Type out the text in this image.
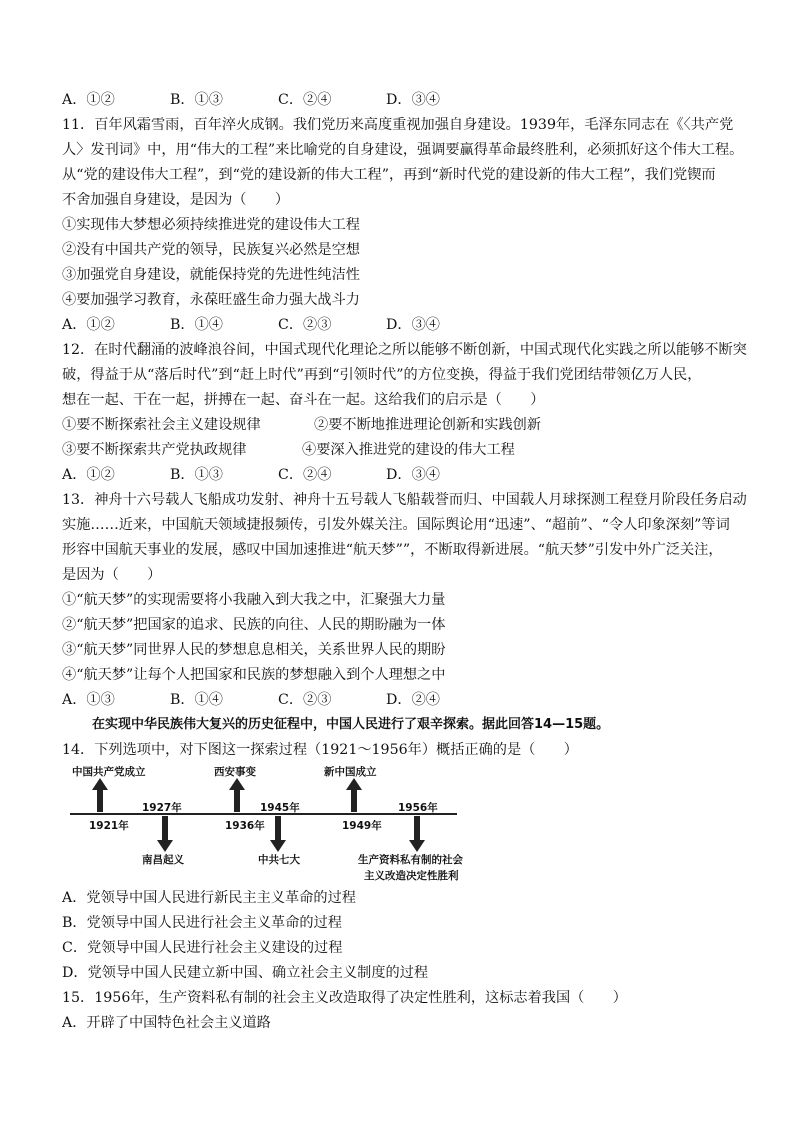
A．①②	B．①③	C．②④	D．③④
11．百年风霜雪雨，百年淬火成钢。我们党历来高度重视加强自身建设。1939年，毛泽东同志在《〈共产党
人〉发刊词》中，用“伟大的工程”来比喻党的自身建设，强调要赢得革命最终胜利，必须抓好这个伟大工程。
从“党的建设伟大工程”，到“党的建设新的伟大工程”，再到“新时代党的建设新的伟大工程”，我们党锲而
不舍加强自身建设，是因为（　　）
①实现伟大梦想必须持续推进党的建设伟大工程
②没有中国共产党的领导，民族复兴必然是空想
③加强党自身建设，就能保持党的先进性纯洁性
④要加强学习教育，永葆旺盛生命力强大战斗力
A．①②	B．①④	C．②③	D．③④
12．在时代翻涌的波峰浪谷间，中国式现代化理论之所以能够不断创新，中国式现代化实践之所以能够不断突
破，得益于从“落后时代”到“赶上时代”再到“引领时代”的方位变换，得益于我们党团结带领亿万人民，
想在一起、干在一起，拼搏在一起、奋斗在一起。这给我们的启示是（　　）
①要不断探索社会主义建设规律	②要不断地推进理论创新和实践创新
③要不断探索共产党执政规律	④要深入推进党的建设的伟大工程
A．①②	B．①③	C．②④	D．③④
13．神舟十六号载人飞船成功发射、神舟十五号载人飞船载誉而归、中国载人月球探测工程登月阶段任务启动
实施……近来，中国航天领域捷报频传，引发外媒关注。国际舆论用“迅速”、“超前”、“令人印象深刻”等词
形容中国航天事业的发展，感叹中国加速推进“航天梦””，不断取得新进展。“航天梦”引发中外广泛关注，
是因为（　　）
①“航天梦”的实现需要将小我融入到大我之中，汇聚强大力量
②“航天梦”把国家的追求、民族的向往、人民的期盼融为一体
③“航天梦”同世界人民的梦想息息相关，关系世界人民的期盼
④“航天梦”让每个人把国家和民族的梦想融入到个人理想之中
A．①③	B．①④	C．②③	D．②④
在实现中华民族伟大复兴的历史征程中，中国人民进行了艰辛探索。据此回答14—15题。
14．下列选项中，对下图这一探索过程（1921～1956年）概括正确的是（　　）
中国共产党成立	西安事变	新中国成立
1927年	1945年	1956年
1921年	1936年	1949年
南昌起义	中共七大	生产资料私有制的社会
主义改造决定性胜利
A．党领导中国人民进行新民主主义革命的过程
B．党领导中国人民进行社会主义革命的过程
C．党领导中国人民进行社会主义建设的过程
D．党领导中国人民建立新中国、确立社会主义制度的过程
15．1956年，生产资料私有制的社会主义改造取得了决定性胜利，这标志着我国（　　）
A．开辟了中国特色社会主义道路
